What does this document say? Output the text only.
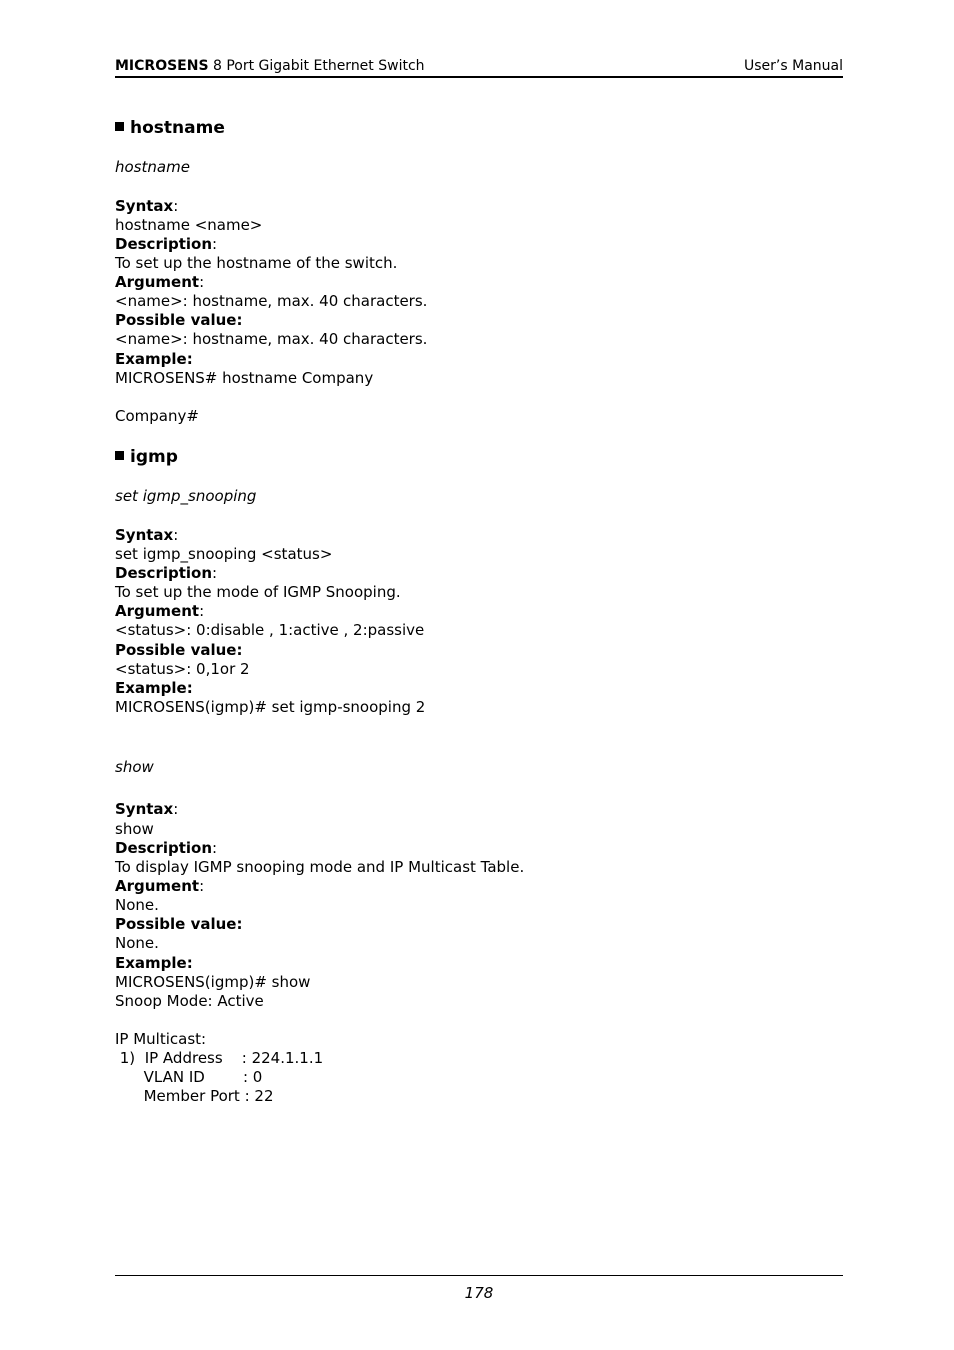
MICROSENS 8 Port Gigabit Ethernet Switch	User’s Manual
hostname
hostname
Syntax:
hostname <name>
Description:
To set up the hostname of the switch.
Argument:
<name>: hostname, max. 40 characters.
Possible value:
<name>: hostname, max. 40 characters.
Example:
MICROSENS# hostname Company
Company#
igmp
set igmp_snooping
Syntax:
set igmp_snooping <status>
Description:
To set up the mode of IGMP Snooping.
Argument:
<status>: 0:disable , 1:active , 2:passive
Possible value:
<status>: 0,1or 2
Example:
MICROSENS(igmp)# set igmp-snooping 2
show
Syntax:
show
Description:
To display IGMP snooping mode and IP Multicast Table.
Argument:
None.
Possible value:
None.
Example:
MICROSENS(igmp)# show
Snoop Mode: Active
IP Multicast:
1)  IP Address    : 224.1.1.1
VLAN ID        : 0
Member Port : 22
178
